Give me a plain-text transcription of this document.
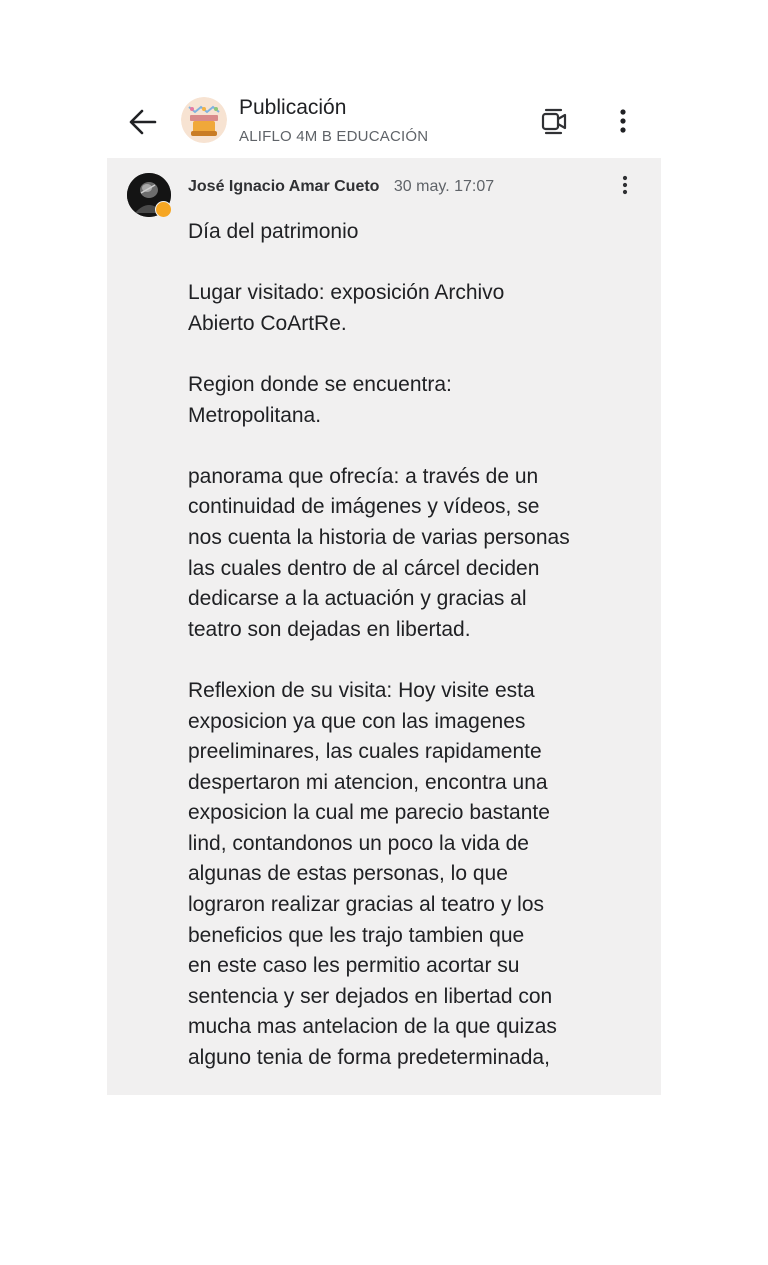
Publicación
ALIFLO 4M B EDUCACIÓN
José Ignacio Amar Cueto 30 may. 17:07

Día del patrimonio

Lugar visitado: exposición Archivo
Abierto CoArtRe.

Region donde se encuentra:
Metropolitana.

panorama que ofrecía: a través de un
continuidad de imágenes y vídeos, se
nos cuenta la historia de varias personas
las cuales dentro de al cárcel deciden
dedicarse a la actuación y gracias al
teatro son dejadas en libertad.

Reflexion de su visita: Hoy visite esta
exposicion ya que con las imagenes
preeliminares, las cuales rapidamente
despertaron mi atencion, encontra una
exposicion la cual me parecio bastante
lind, contandonos un poco la vida de
algunas de estas personas, lo que
lograron realizar gracias al teatro y los
beneficios que les trajo tambien que
en este caso les permitio acortar su
sentencia y ser dejados en libertad con
mucha mas antelacion de la que quizas
alguno tenia de forma predeterminada,
